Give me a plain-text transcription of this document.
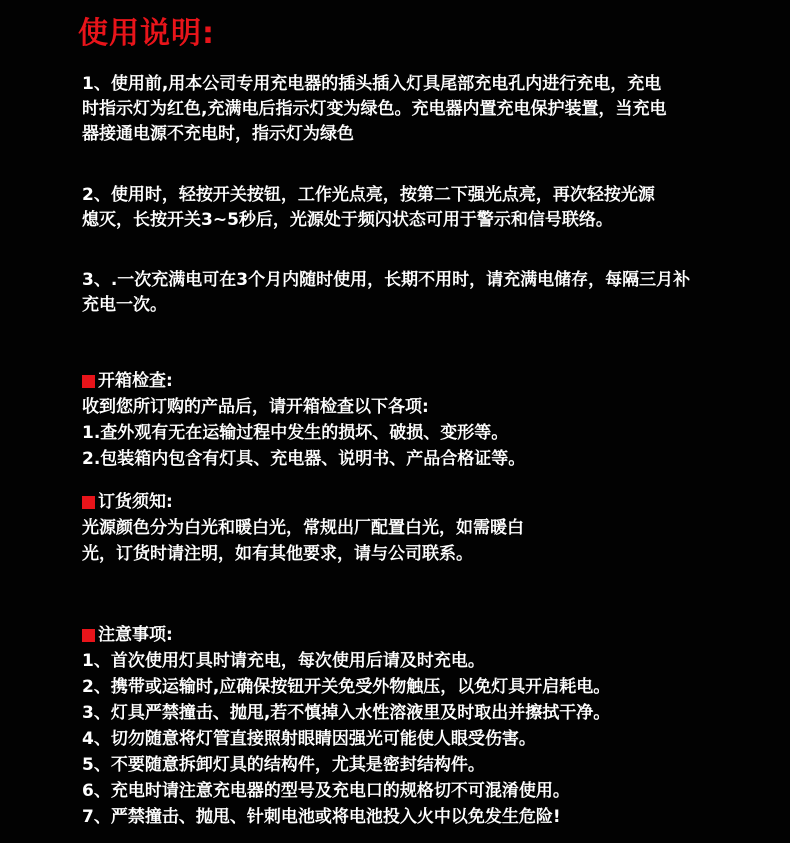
使用说明:
1、使用前,用本公司专用充电器的插头插入灯具尾部充电孔内进行充电，充电
时指示灯为红色,充满电后指示灯变为绿色。充电器内置充电保护装置，当充电
器接通电源不充电时，指示灯为绿色
2、使用时，轻按开关按钮，工作光点亮，按第二下强光点亮，再次轻按光源
熄灭，长按开关3~5秒后，光源处于频闪状态可用于警示和信号联络。
3、.一次充满电可在3个月内随时使用，长期不用时，请充满电储存，每隔三月补
充电一次。
开箱检查:
收到您所订购的产品后，请开箱检查以下各项:
1.查外观有无在运输过程中发生的损坏、破损、变形等。
2.包装箱内包含有灯具、充电器、说明书、产品合格证等。
订货须知:
光源颜色分为白光和暖白光，常规出厂配置白光，如需暖白
光，订货时请注明，如有其他要求，请与公司联系。
注意事项:
1、首次使用灯具时请充电，每次使用后请及时充电。
2、携带或运输时,应确保按钮开关免受外物触压，以免灯具开启耗电。
3、灯具严禁撞击、抛甩,若不慎掉入水性溶液里及时取出并擦拭干净。
4、切勿随意将灯管直接照射眼睛因强光可能使人眼受伤害。
5、不要随意拆卸灯具的结构件，尤其是密封结构件。
6、充电时请注意充电器的型号及充电口的规格切不可混淆使用。
7、严禁撞击、抛甩、针刺电池或将电池投入火中以免发生危险!
